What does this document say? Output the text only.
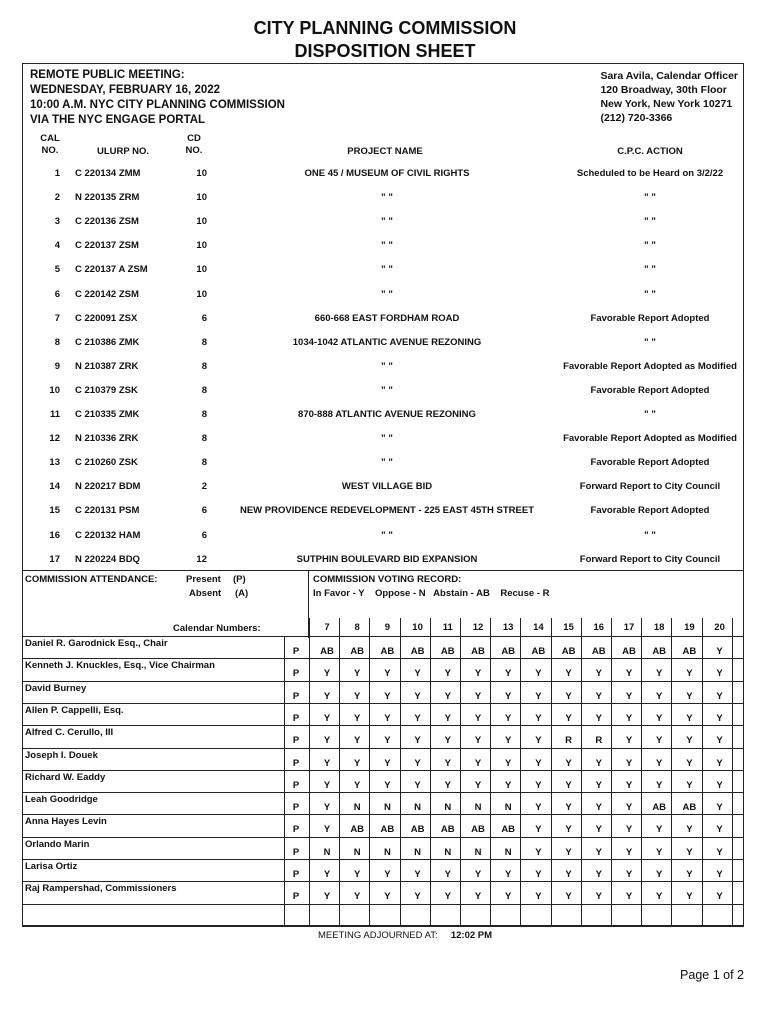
CITY PLANNING COMMISSION
DISPOSITION SHEET
REMOTE PUBLIC MEETING:
WEDNESDAY, FEBRUARY 16, 2022
10:00 A.M. NYC CITY PLANNING COMMISSION
VIA THE NYC ENGAGE PORTAL
Sara Avila, Calendar Officer
120 Broadway, 30th Floor
New York, New York 10271
(212) 720-3366
CAL
NO.	ULURP NO.
CD
NO.	PROJECT NAME	C.P.C. ACTION
1 C 220134 ZMM	10	ONE 45 / MUSEUM OF CIVIL RIGHTS	Scheduled to be Heard on 3/2/22
2 N 220135 ZRM	10	" "	" "
3 C 220136 ZSM	10	" "	" "
4 C 220137 ZSM	10	" "	" "
5 C 220137 A ZSM	10	" "	" "
6 C 220142 ZSM	10	" "	" "
7 C 220091 ZSX	6	660-668 EAST FORDHAM ROAD	Favorable Report Adopted
8 C 210386 ZMK	8	1034-1042 ATLANTIC AVENUE REZONING	" "
9 N 210387 ZRK	8	" "	Favorable Report Adopted as Modified
10 C 210379 ZSK	8	" "	Favorable Report Adopted
11 C 210335 ZMK	8	870-888 ATLANTIC AVENUE REZONING	" "
12 N 210336 ZRK	8	" "	Favorable Report Adopted as Modified
13 C 210260 ZSK	8	" "	Favorable Report Adopted
14 N 220217 BDM	2	WEST VILLAGE BID	Forward Report to City Council
15 C 220131 PSM	6	NEW PROVIDENCE REDEVELOPMENT - 225 EAST 45TH STREET	Favorable Report Adopted
16 C 220132 HAM	6	" "	" "
17 N 220224 BDQ	12	SUTPHIN BOULEVARD BID EXPANSION	Forward Report to City Council
COMMISSION ATTENDANCE:	Present (P)
Absent (A)
COMMISSION VOTING RECORD:
In Favor - Y    Oppose - N   Abstain - AB    Recuse - R
Calendar Numbers:	7	8	9	10	11	12	13	14	15	16	17	18	19	20
Daniel R. Garodnick Esq., Chair
P	AB	AB	AB	AB	AB	AB	AB	AB	AB	AB	AB	AB	AB	Y
Kenneth J. Knuckles, Esq., Vice Chairman
P	Y	Y	Y	Y	Y	Y	Y	Y	Y	Y	Y	Y	Y	Y
David Burney
P	Y	Y	Y	Y	Y	Y	Y	Y	Y	Y	Y	Y	Y	Y
Allen P. Cappelli, Esq.
P	Y	Y	Y	Y	Y	Y	Y	Y	Y	Y	Y	Y	Y	Y
Alfred C. Cerullo, III
P	Y	Y	Y	Y	Y	Y	Y	Y	R	R	Y	Y	Y	Y
Joseph I. Douek
P	Y	Y	Y	Y	Y	Y	Y	Y	Y	Y	Y	Y	Y	Y
Richard W. Eaddy
P	Y	Y	Y	Y	Y	Y	Y	Y	Y	Y	Y	Y	Y	Y
Leah Goodridge
P	Y	N	N	N	N	N	N	Y	Y	Y	Y	AB	AB	Y
Anna Hayes Levin
P	Y	AB	AB	AB	AB	AB	AB	Y	Y	Y	Y	Y	Y	Y
Orlando Marin
P	N	N	N	N	N	N	N	Y	Y	Y	Y	Y	Y	Y
Larisa Ortiz
P	Y	Y	Y	Y	Y	Y	Y	Y	Y	Y	Y	Y	Y	Y
Raj Rampershad, Commissioners
P	Y	Y	Y	Y	Y	Y	Y	Y	Y	Y	Y	Y	Y	Y
MEETING ADJOURNED AT: 12:02 PM
Page 1 of 2
